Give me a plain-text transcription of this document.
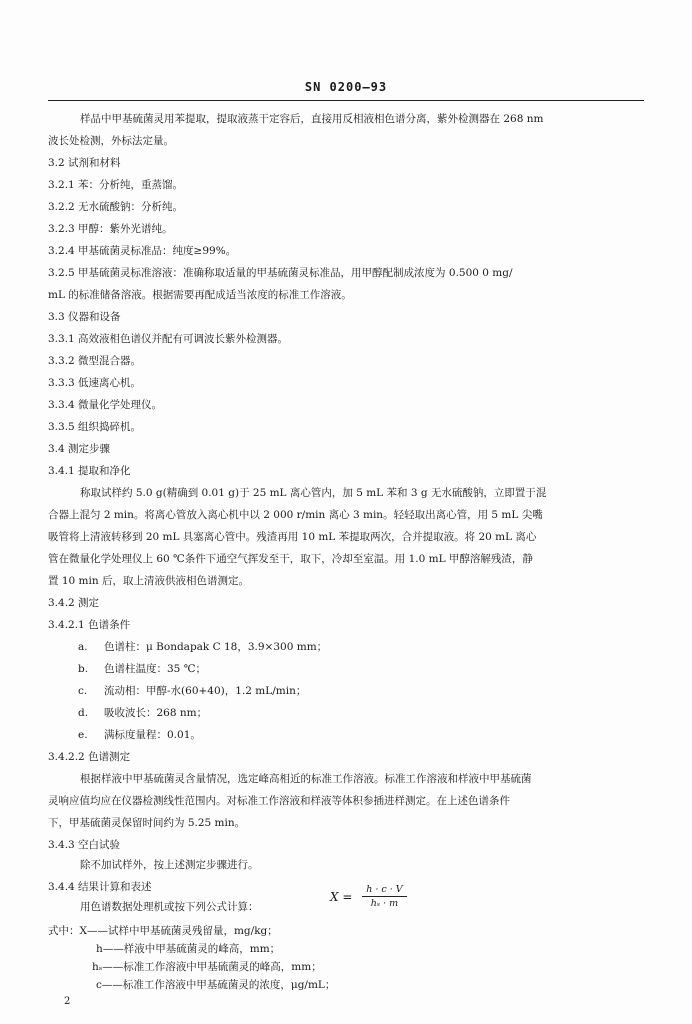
SN 0200—93
样品中甲基硫菌灵用苯提取，提取液蒸干定容后，直接用反相液相色谱分离，紫外检测器在 268 nm
波长处检测，外标法定量。
3.2 试剂和材料
3.2.1 苯：分析纯，重蒸馏。
3.2.2 无水硫酸钠：分析纯。
3.2.3 甲醇：紫外光谱纯。
3.2.4 甲基硫菌灵标准品：纯度≥99%。
3.2.5 甲基硫菌灵标准溶液：准确称取适量的甲基硫菌灵标准品，用甲醇配制成浓度为 0.500 0 mg/
mL 的标准储备溶液。根据需要再配成适当浓度的标准工作溶液。
3.3 仪器和设备
3.3.1 高效液相色谱仪并配有可调波长紫外检测器。
3.3.2 微型混合器。
3.3.3 低速离心机。
3.3.4 微量化学处理仪。
3.3.5 组织捣碎机。
3.4 测定步骤
3.4.1 提取和净化
称取试样约 5.0 g(精确到 0.01 g)于 25 mL 离心管内，加 5 mL 苯和 3 g 无水硫酸钠，立即置于混
合器上混匀 2 min。将离心管放入离心机中以 2 000 r/min 离心 3 min。轻轻取出离心管，用 5 mL 尖嘴
吸管将上清液转移到 20 mL 具塞离心管中。残渣再用 10 mL 苯提取两次，合并提取液。将 20 mL 离心
管在微量化学处理仪上 60 ℃条件下通空气挥发至干，取下，冷却至室温。用 1.0 mL 甲醇溶解残渣，静
置 10 min 后，取上清液供液相色谱测定。
3.4.2 测定
3.4.2.1 色谱条件
a. 色谱柱：μ Bondapak C 18，3.9×300 mm；
b. 色谱柱温度：35 ℃；
c. 流动相：甲醇-水(60+40)，1.2 mL/min；
d. 吸收波长：268 nm；
e. 满标度量程：0.01。
3.4.2.2 色谱测定
根据样液中甲基硫菌灵含量情况，选定峰高相近的标准工作溶液。标准工作溶液和样液中甲基硫菌
灵响应值均应在仪器检测线性范围内。对标准工作溶液和样液等体积参插进样测定。在上述色谱条件
下，甲基硫菌灵保留时间约为 5.25 min。
3.4.3 空白试验
除不加试样外，按上述测定步骤进行。
3.4.4 结果计算和表述
用色谱数据处理机或按下列公式计算：
$X = \frac{h \cdot c \cdot V}{\text{hₛ · m}}$
式中：X——试样中甲基硫菌灵残留量，mg/kg；
h——样液中甲基硫菌灵的峰高，mm；
hₛ——标准工作溶液中甲基硫菌灵的峰高，mm；
c——标准工作溶液中甲基硫菌灵的浓度，μg/mL；
2
